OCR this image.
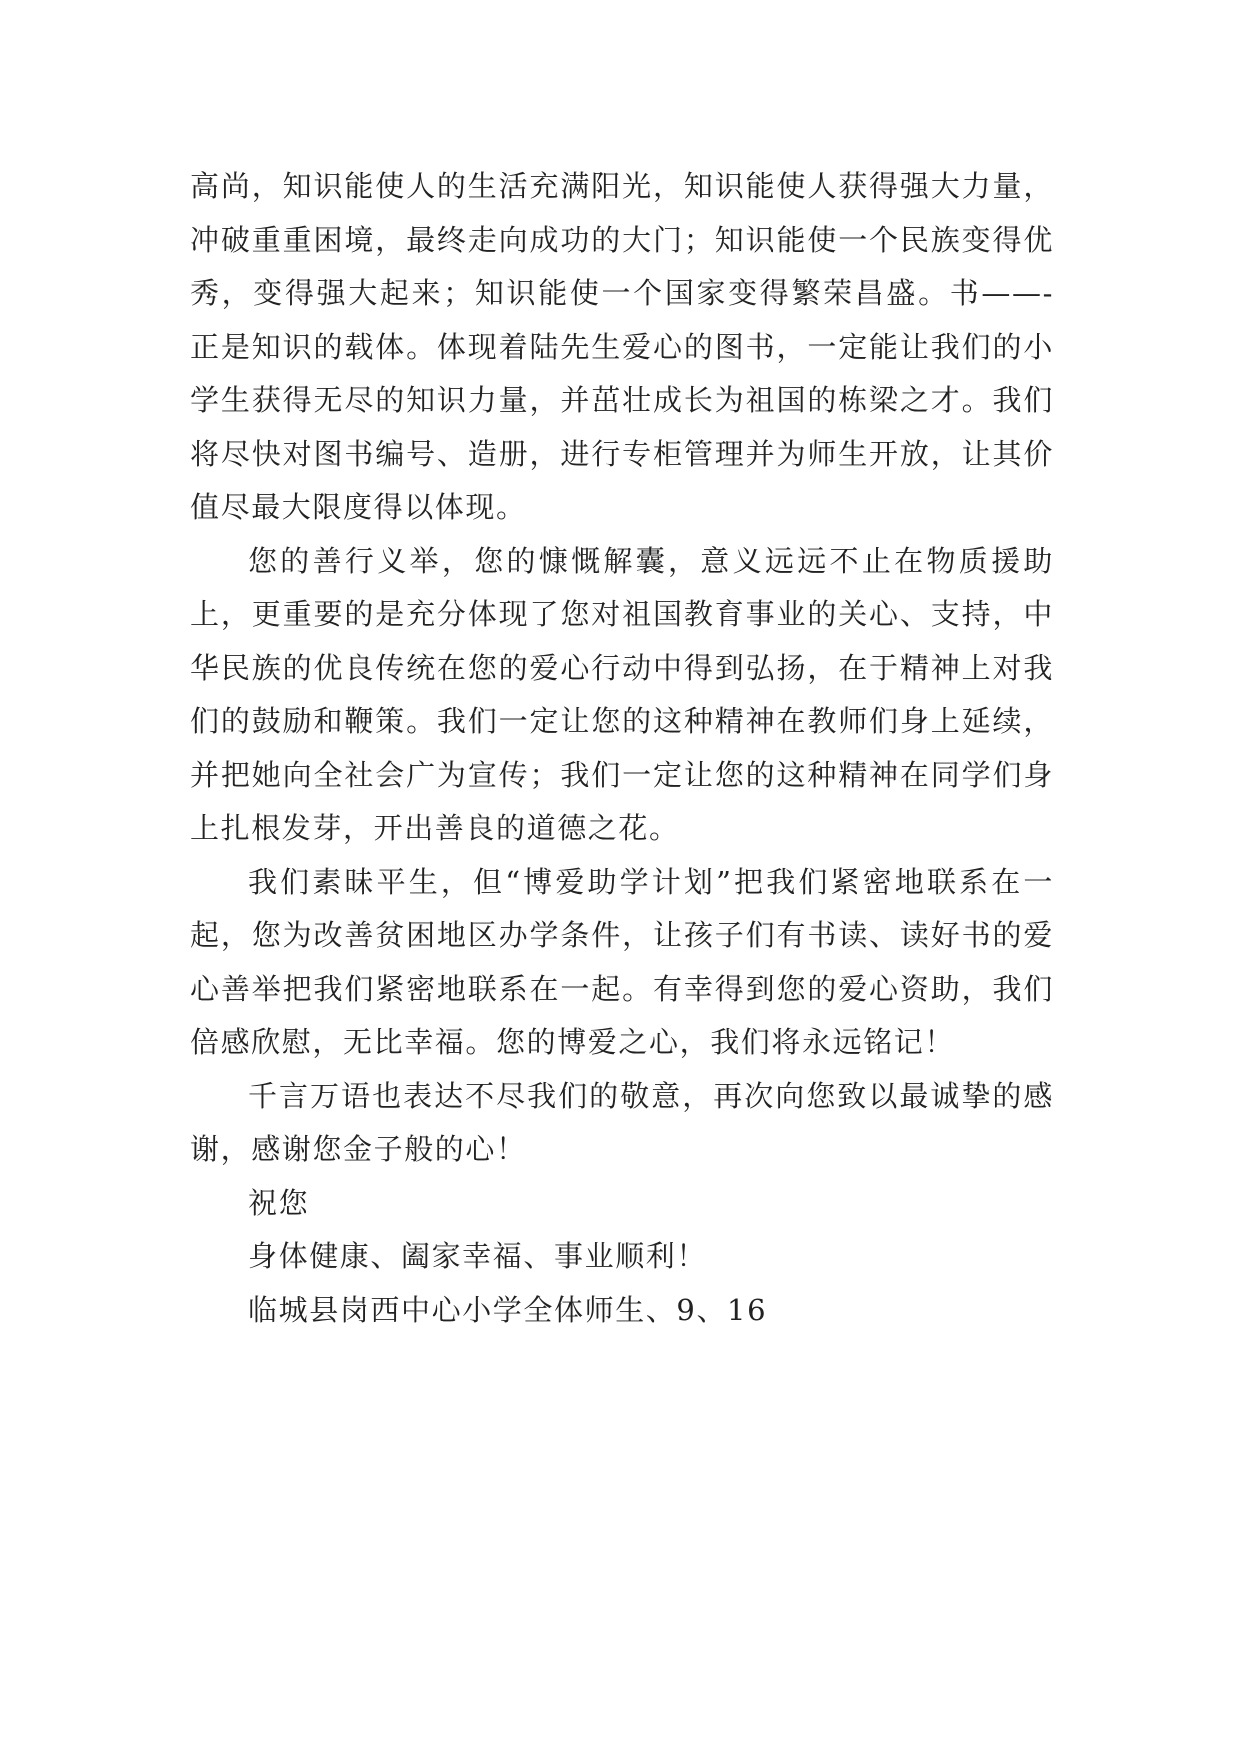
高尚，知识能使人的生活充满阳光，知识能使人获得强大力量，冲破重重困境，最终走向成功的大门；知识能使一个民族变得优秀，变得强大起来；知识能使一个国家变得繁荣昌盛。书——-正是知识的载体。体现着陆先生爱心的图书，一定能让我们的小学生获得无尽的知识力量，并茁壮成长为祖国的栋梁之才。我们将尽快对图书编号、造册，进行专柜管理并为师生开放，让其价值尽最大限度得以体现。

您的善行义举，您的慷慨解囊，意义远远不止在物质援助上，更重要的是充分体现了您对祖国教育事业的关心、支持，中华民族的优良传统在您的爱心行动中得到弘扬，在于精神上对我们的鼓励和鞭策。我们一定让您的这种精神在教师们身上延续，并把她向全社会广为宣传；我们一定让您的这种精神在同学们身上扎根发芽，开出善良的道德之花。

我们素昧平生，但“博爱助学计划”把我们紧密地联系在一起，您为改善贫困地区办学条件，让孩子们有书读、读好书的爱心善举把我们紧密地联系在一起。有幸得到您的爱心资助，我们倍感欣慰，无比幸福。您的博爱之心，我们将永远铭记！

千言万语也表达不尽我们的敬意，再次向您致以最诚挚的感谢，感谢您金子般的心！

祝您

身体健康、阖家幸福、事业顺利！

临城县岗西中心小学全体师生、9、16
